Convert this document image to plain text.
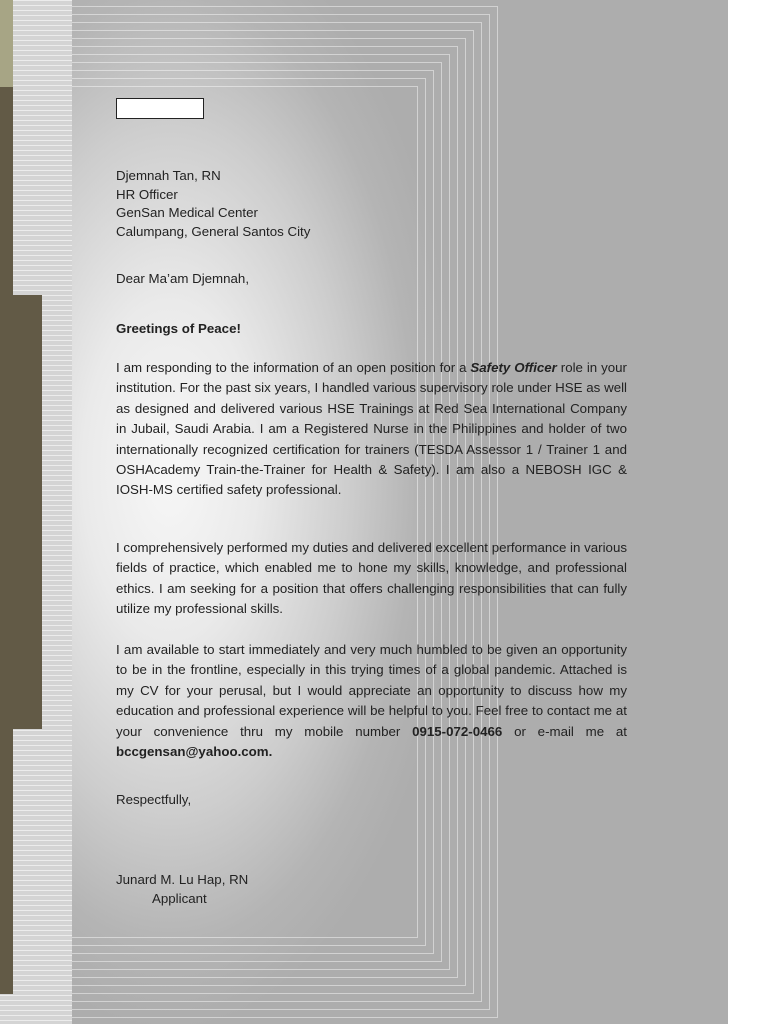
Djemnah Tan, RN
HR Officer
GenSan Medical Center
Calumpang, General Santos City
Dear Ma’am Djemnah,
Greetings of Peace!

I am responding to the information of an open position for a Safety Officer role in your institution. For the past six years, I handled various supervisory role under HSE as well as designed and delivered various HSE Trainings at Red Sea International Company in Jubail, Saudi Arabia. I am a Registered Nurse in the Philippines and holder of two internationally recognized certification for trainers (TESDA Assessor 1 / Trainer 1 and OSHAcademy Train-the-Trainer for Health & Safety). I am also a NEBOSH IGC & IOSH-MS certified safety professional.

I comprehensively performed my duties and delivered excellent performance in various fields of practice, which enabled me to hone my skills, knowledge, and professional ethics. I am seeking for a position that offers challenging responsibilities that can fully utilize my professional skills.

I am available to start immediately and very much humbled to be given an opportunity to be in the frontline, especially in this trying times of a global pandemic. Attached is my CV for your perusal, but I would appreciate an opportunity to discuss how my education and professional experience will be helpful to you. Feel free to contact me at your convenience thru my mobile number 0915-072-0466 or e-mail me at bccgensan@yahoo.com.

Respectfully,
Junard M. Lu Hap, RN
Applicant
